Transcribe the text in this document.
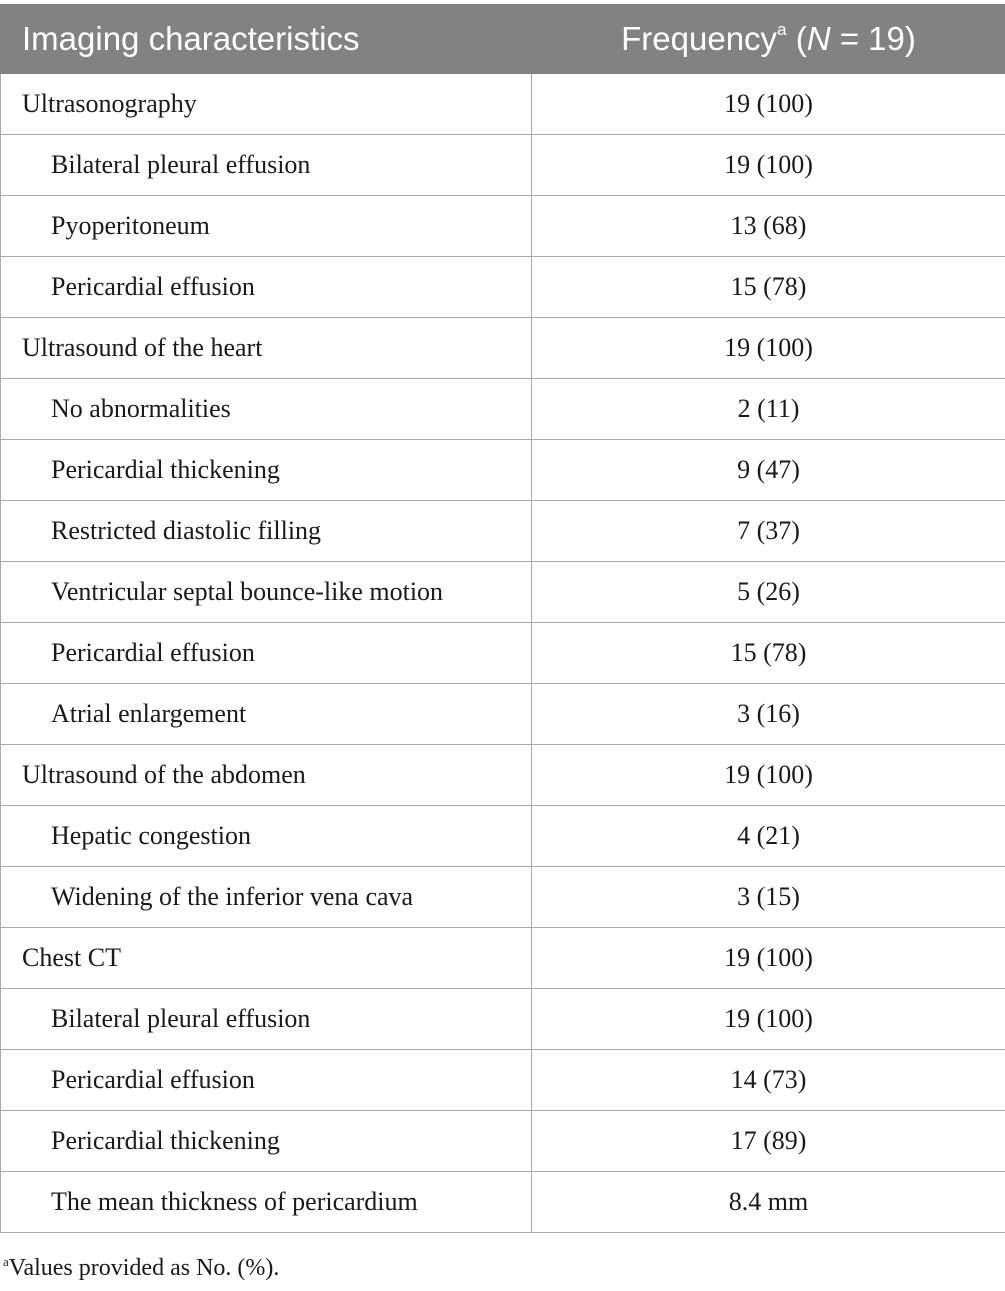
Imaging characteristics	Frequency$^a$ (N = 19)
Ultrasonography	19 (100)
Bilateral pleural effusion	19 (100)
Pyoperitoneum	13 (68)
Pericardial effusion	15 (78)
Ultrasound of the heart	19 (100)
No abnormalities	2 (11)
Pericardial thickening	9 (47)
Restricted diastolic filling	7 (37)
Ventricular septal bounce-like motion	5 (26)
Pericardial effusion	15 (78)
Atrial enlargement	3 (16)
Ultrasound of the abdomen	19 (100)
Hepatic congestion	4 (21)
Widening of the inferior vena cava	3 (15)
Chest CT	19 (100)
Bilateral pleural effusion	19 (100)
Pericardial effusion	14 (73)
Pericardial thickening	17 (89)
The mean thickness of pericardium	8.4 mm
$^a$Values provided as No. (%).
